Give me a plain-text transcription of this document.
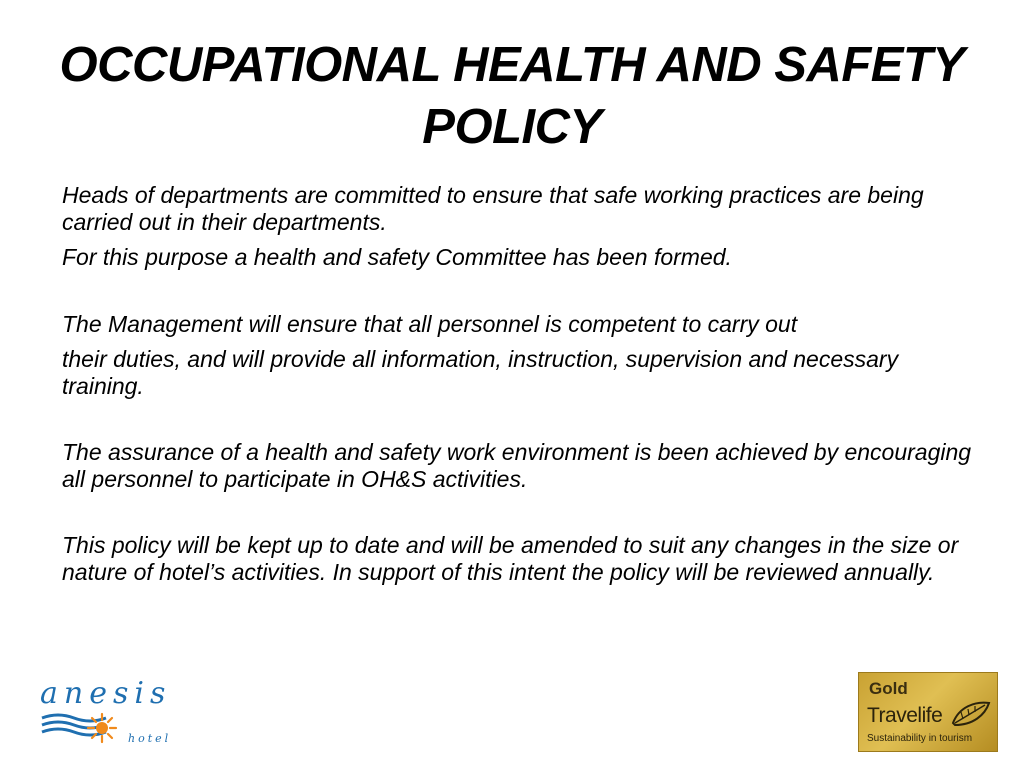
OCCUPATIONAL HEALTH AND SAFETY
POLICY

Heads of departments are committed to ensure that safe working practices are being carried out in their departments.

For this purpose a health and safety Committee has been formed.

The Management will ensure that all personnel is competent to carry out

their duties, and will provide all information, instruction, supervision and necessary training.

The assurance of a health and safety work environment is been achieved by encouraging all personnel to participate in OH&S activities.

This policy will be kept up to date and will be amended to suit any changes in the size or nature of hotel’s activities. In support of this intent the policy will be reviewed annually.

anesis
hotel
Gold
Travelife
Sustainability in tourism
